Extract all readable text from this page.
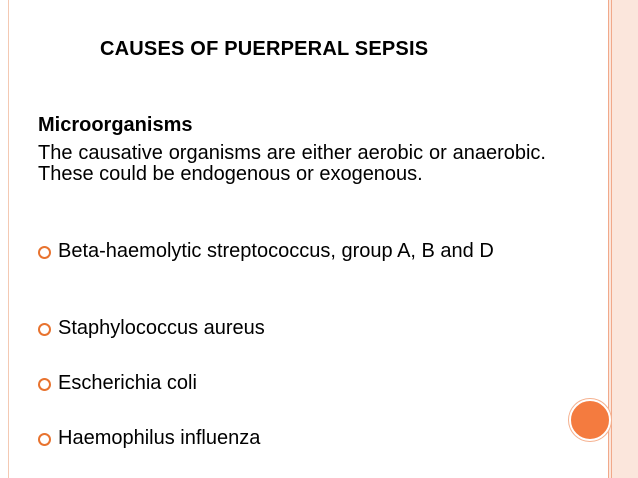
CAUSES OF PUERPERAL SEPSIS
Microorganisms
The causative organisms are either aerobic or anaerobic. These could be endogenous or exogenous.
Beta-haemolytic streptococcus, group A, B and D
Staphylococcus aureus
Escherichia coli
Haemophilus influenza
